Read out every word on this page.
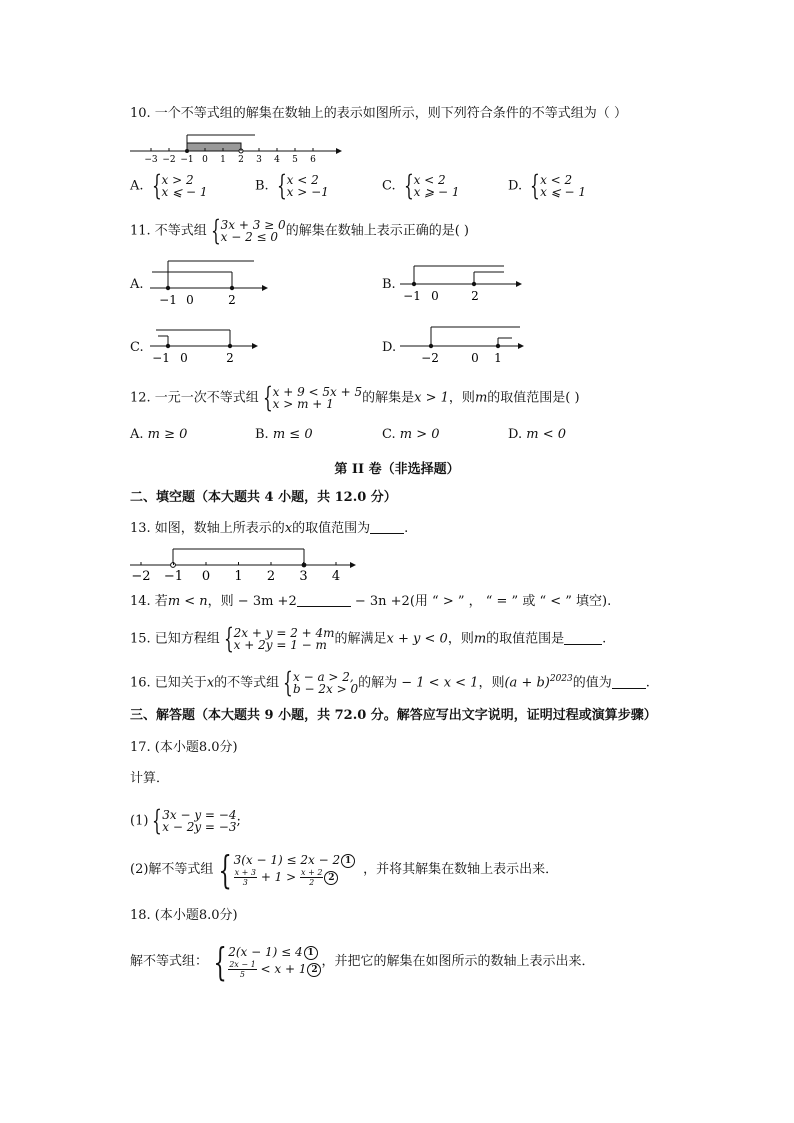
10. 一个不等式组的解集在数轴上的表示如图所示，则下列符合条件的不等式组为（ ）
−3 −2 −1 0 1 2 3 4 5 6
A. { x > 2
x ⩽ − 1	B. { x < 2
x > −1	C. { x < 2
x ⩾ − 1	D. { x < 2
x ⩽ − 1
11. 不等式组 { 3x + 3 ≥ 0
x − 2 ≤ 0 的解集在数轴上表示正确的是( )
A.
−1 0	2
B.
−1 0	2
C.
−1 0	2
D.
−2	0 1
12. 一元一次不等式组 { x + 9 < 5x + 5
x > m + 1	的解集是x > 1，则m的取值范围是( )
A. m ≥ 0	B. m ≤ 0	C. m > 0	D. m < 0
第 II 卷（非选择题）
二、填空题（本大题共 4 小题，共 12.0 分）
13. 如图，数轴上所表示的x的取值范围为	.
−2 −1 0 1 2 3 4
14. 若m < n，则 − 3m +2	− 3n +2(用 “ > ” ， “ = ” 或 “ < ” 填空).
15. 已知方程组 { 2x + y = 2 + 4m
x + 2y = 1 − m 的解满足x + y < 0，则m的取值范围是	.
16. 已知关于x的不等式组 { x − a > 2,
b − 2x > 0 的解为 − 1 < x < 1，则$(a + b)^{2023}$的值为	.
三、解答题（本大题共 9 小题，共 72.0 分。解答应写出文字说明，证明过程或演算步骤）
17. (本小题8.0分)
计算．
(1) { 3x − y = −4
x − 2y = −3 ;
(2)解不等式组 { 3(x − 1) ≤ 2x − 2 1
$\frac{x + 3}{3} + 1 > \frac{x + 2}{2} 2$
，并将其解集在数轴上表示出来．
18. (本小题8.0分)
解不等式组： { 2(x − 1) ≤ 4 1
$\frac{2x - 1}{5} < x + 1$ 2
，并把它的解集在如图所示的数轴上表示出来．
